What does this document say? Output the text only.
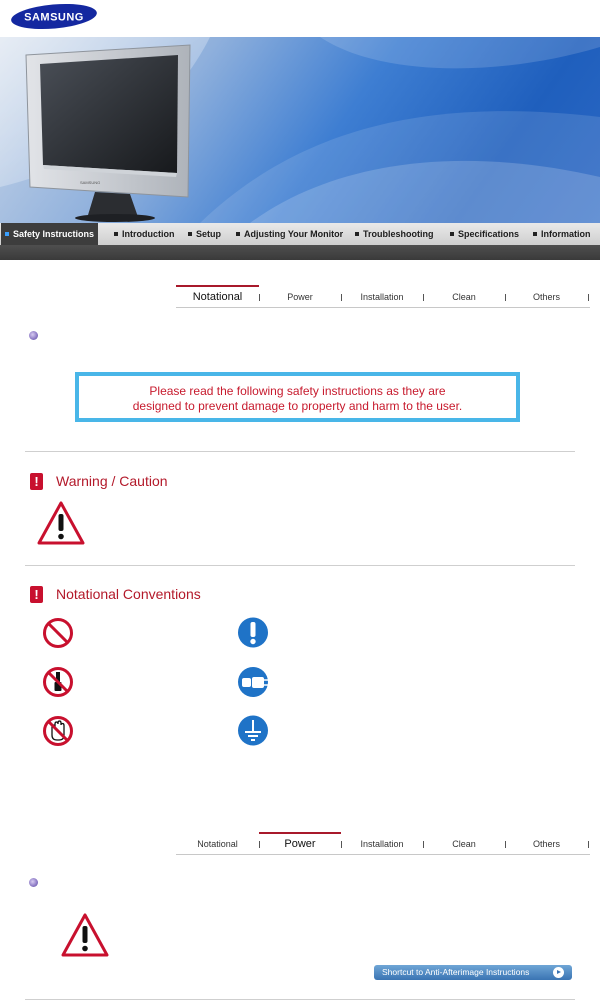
SAMSUNG
SAMSUNG
Safety Instructions	Introduction	Setup	Adjusting Your Monitor	Troubleshooting	Specifications	Information
Notational	Power	Installation	Clean	Others
Please read the following safety instructions as they are
designed to prevent damage to property and harm to the user.
!	Warning / Caution
!	Notational Conventions
Notational	Power	Installation	Clean	Others
Shortcut to Anti-Afterimage Instructions
